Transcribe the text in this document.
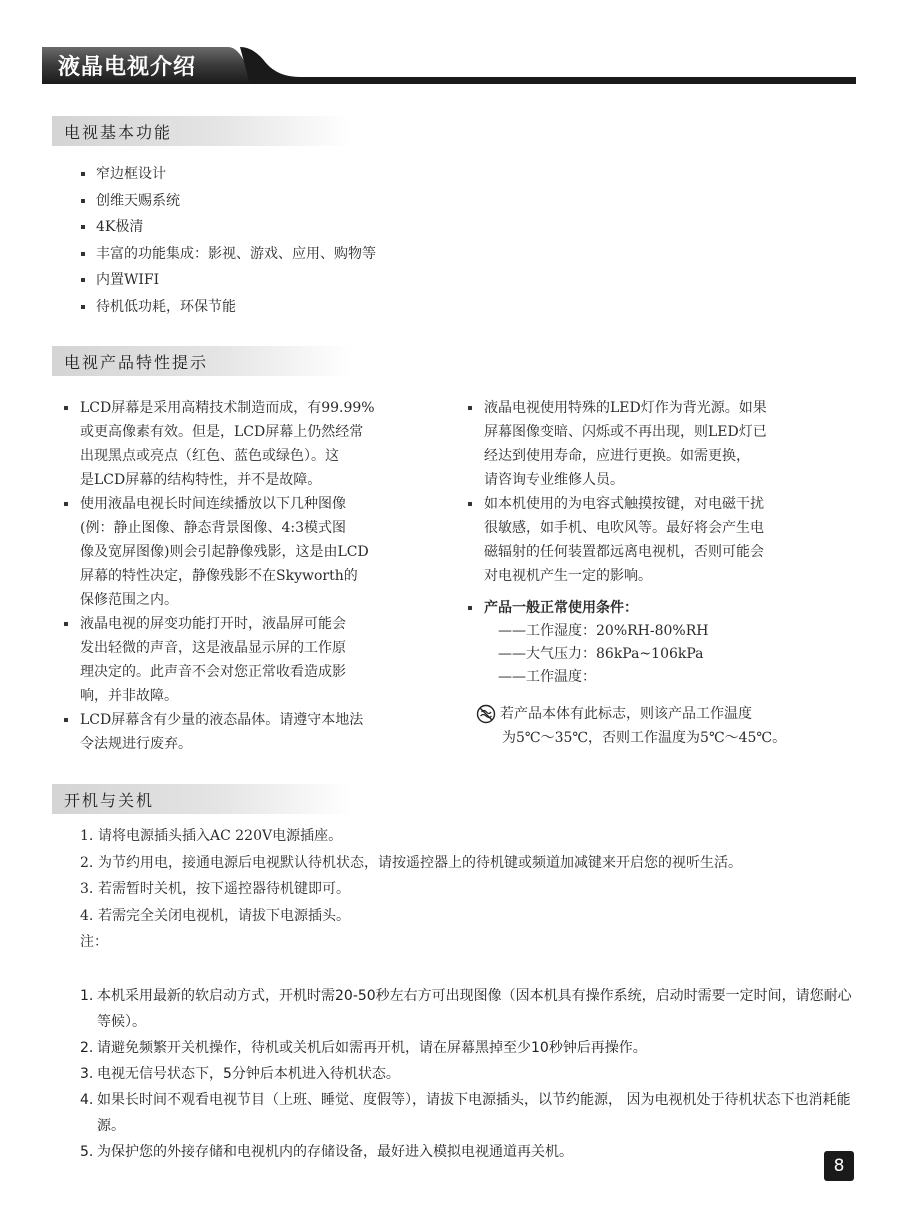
液晶电视介绍
电视基本功能
窄边框设计
创维天赐系统
4K极清
丰富的功能集成：影视、游戏、应用、购物等
内置WIFI
待机低功耗，环保节能
电视产品特性提示
LCD屏幕是采用高精技术制造而成，有99.99%
或更高像素有效。但是，LCD屏幕上仍然经常
出现黑点或亮点（红色、蓝色或绿色）。这
是LCD屏幕的结构特性，并不是故障。
使用液晶电视长时间连续播放以下几种图像
(例：静止图像、静态背景图像、4:3模式图
像及宽屏图像)则会引起静像残影，这是由LCD
屏幕的特性决定，静像残影不在Skyworth的
保修范围之内。
液晶电视的屏变功能打开时，液晶屏可能会
发出轻微的声音，这是液晶显示屏的工作原
理决定的。此声音不会对您正常收看造成影
响，并非故障。
LCD屏幕含有少量的液态晶体。请遵守本地法
令法规进行废弃。
液晶电视使用特殊的LED灯作为背光源。如果
屏幕图像变暗、闪烁或不再出现，则LED灯已
经达到使用寿命，应进行更换。如需更换，
请咨询专业维修人员。
如本机使用的为电容式触摸按键，对电磁干扰
很敏感，如手机、电吹风等。最好将会产生电
磁辐射的任何装置都远离电视机，否则可能会
对电视机产生一定的影响。
产品一般正常使用条件：
——工作湿度：20%RH-80%RH
——大气压力：86kPa~106kPa
——工作温度：
若产品本体有此标志，则该产品工作温度
为5℃～35℃，否则工作温度为5℃～45℃。
开机与关机
1. 请将电源插头插入AC 220V电源插座。
2. 为节约用电，接通电源后电视默认待机状态，请按遥控器上的待机键或频道加减键来开启您的视听生活。
3. 若需暂时关机，按下遥控器待机键即可。
4. 若需完全关闭电视机，请拔下电源插头。
注：
1. 本机采用最新的软启动方式，开机时需20-50秒左右方可出现图像（因本机具有操作系统，启动时需要一定时间，请您耐心等候）。
2. 请避免频繁开关机操作，待机或关机后如需再开机，请在屏幕黑掉至少10秒钟后再操作。
3. 电视无信号状态下，5分钟后本机进入待机状态。
4. 如果长时间不观看电视节目（上班、睡觉、度假等），请拔下电源插头，以节约能源， 因为电视机处于待机状态下也消耗能源。
5. 为保护您的外接存储和电视机内的存储设备，最好进入模拟电视通道再关机。
8
